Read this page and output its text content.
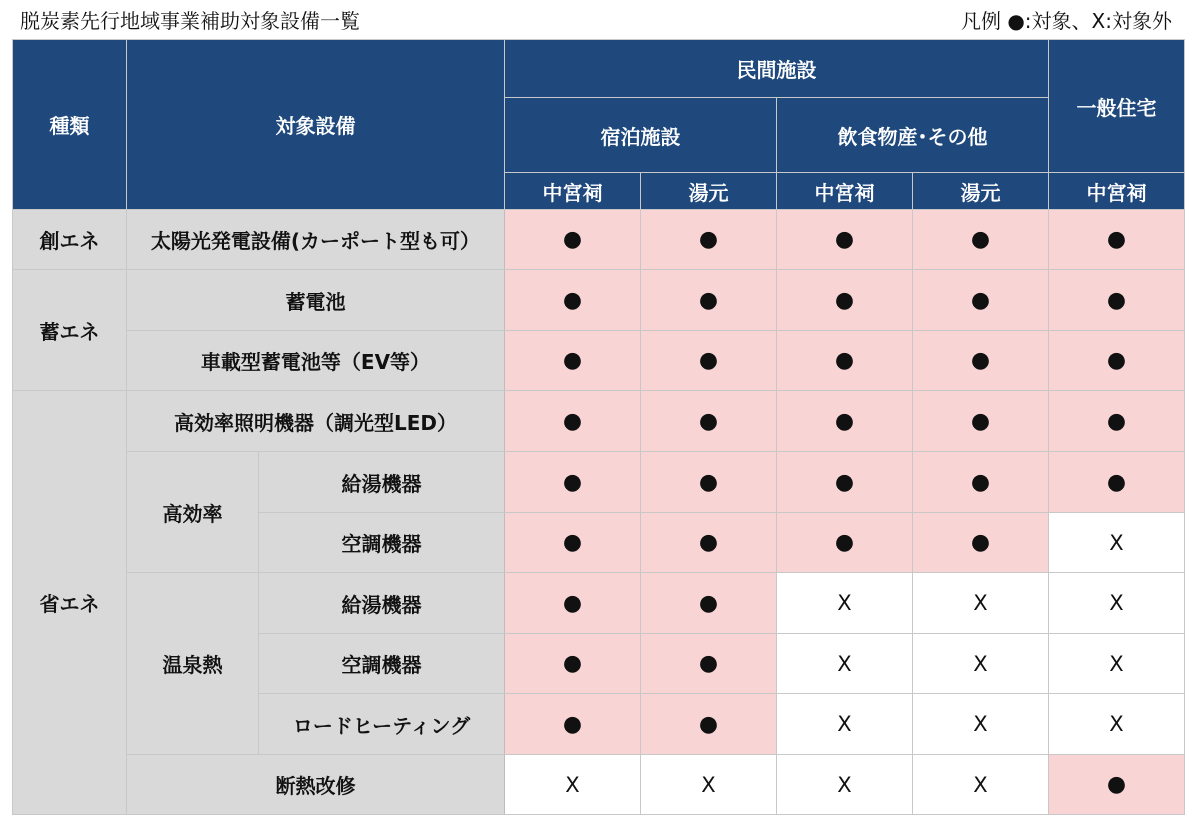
脱炭素先行地域事業補助対象設備一覧	凡例 ●:対象、X:対象外
種類	対象設備		民間施設				一般住宅
			宿泊施設		飲食物産･その他		
			中宮祠	湯元	中宮祠	湯元	中宮祠
創エネ	太陽光発電設備(カーポート型も可）		●	●	●	●	●
蓄エネ	蓄電池		●	●	●	●	●
	車載型蓄電池等（EV等）		●	●	●	●	●
省エネ	高効率照明機器（調光型LED）		●	●	●	●	●
	高効率	給湯機器	●	●	●	●	●
		空調機器	●	●	●	●	X
	温泉熱	給湯機器	●	●	X	X	X
		空調機器	●	●	X	X	X
		ロードヒーティング	●	●	X	X	X
	断熱改修		X	X	X	X	●
